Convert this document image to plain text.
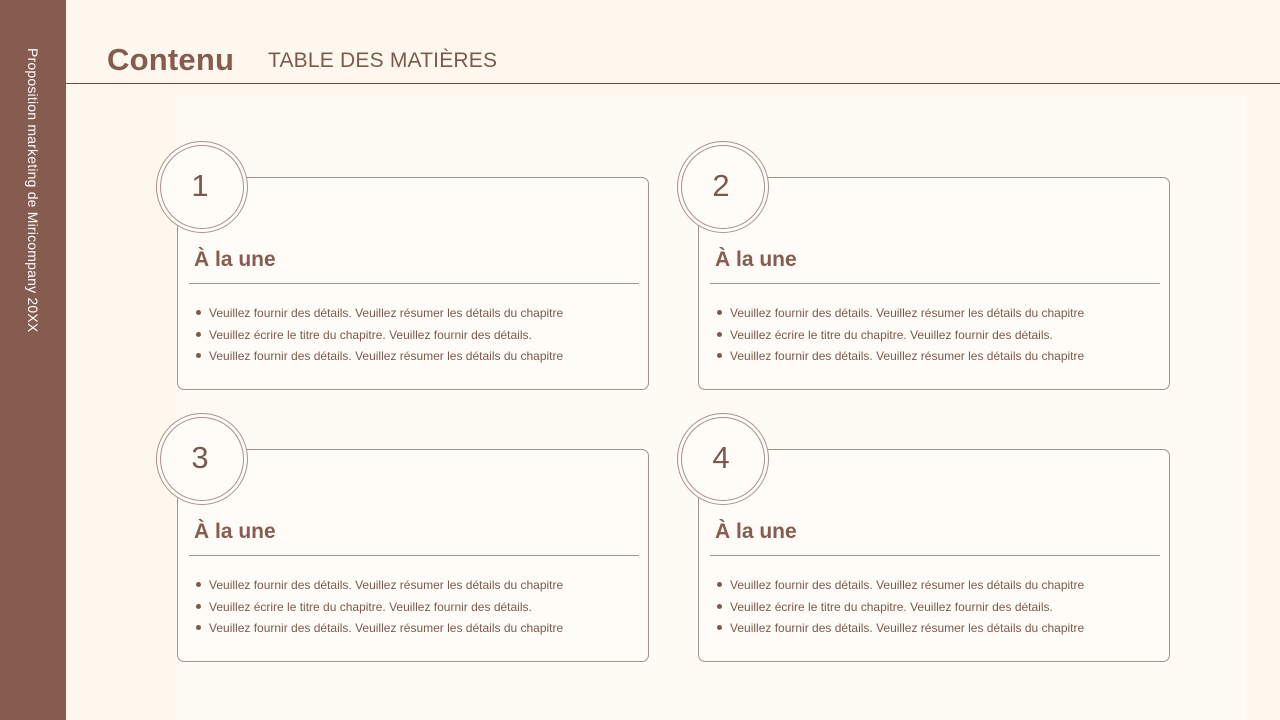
Proposition marketing de Miricompany 20XX Contenu TABLE DES MATIÈRES
À la une
Veuillez fournir des détails. Veuillez résumer les détails du chapitre
Veuillez écrire le titre du chapitre. Veuillez fournir des détails.
Veuillez fournir des détails. Veuillez résumer les détails du chapitre
1
À la une
Veuillez fournir des détails. Veuillez résumer les détails du chapitre
Veuillez écrire le titre du chapitre. Veuillez fournir des détails.
Veuillez fournir des détails. Veuillez résumer les détails du chapitre
2
À la une
Veuillez fournir des détails. Veuillez résumer les détails du chapitre
Veuillez écrire le titre du chapitre. Veuillez fournir des détails.
Veuillez fournir des détails. Veuillez résumer les détails du chapitre
3
À la une
Veuillez fournir des détails. Veuillez résumer les détails du chapitre
Veuillez écrire le titre du chapitre. Veuillez fournir des détails.
Veuillez fournir des détails. Veuillez résumer les détails du chapitre
4
